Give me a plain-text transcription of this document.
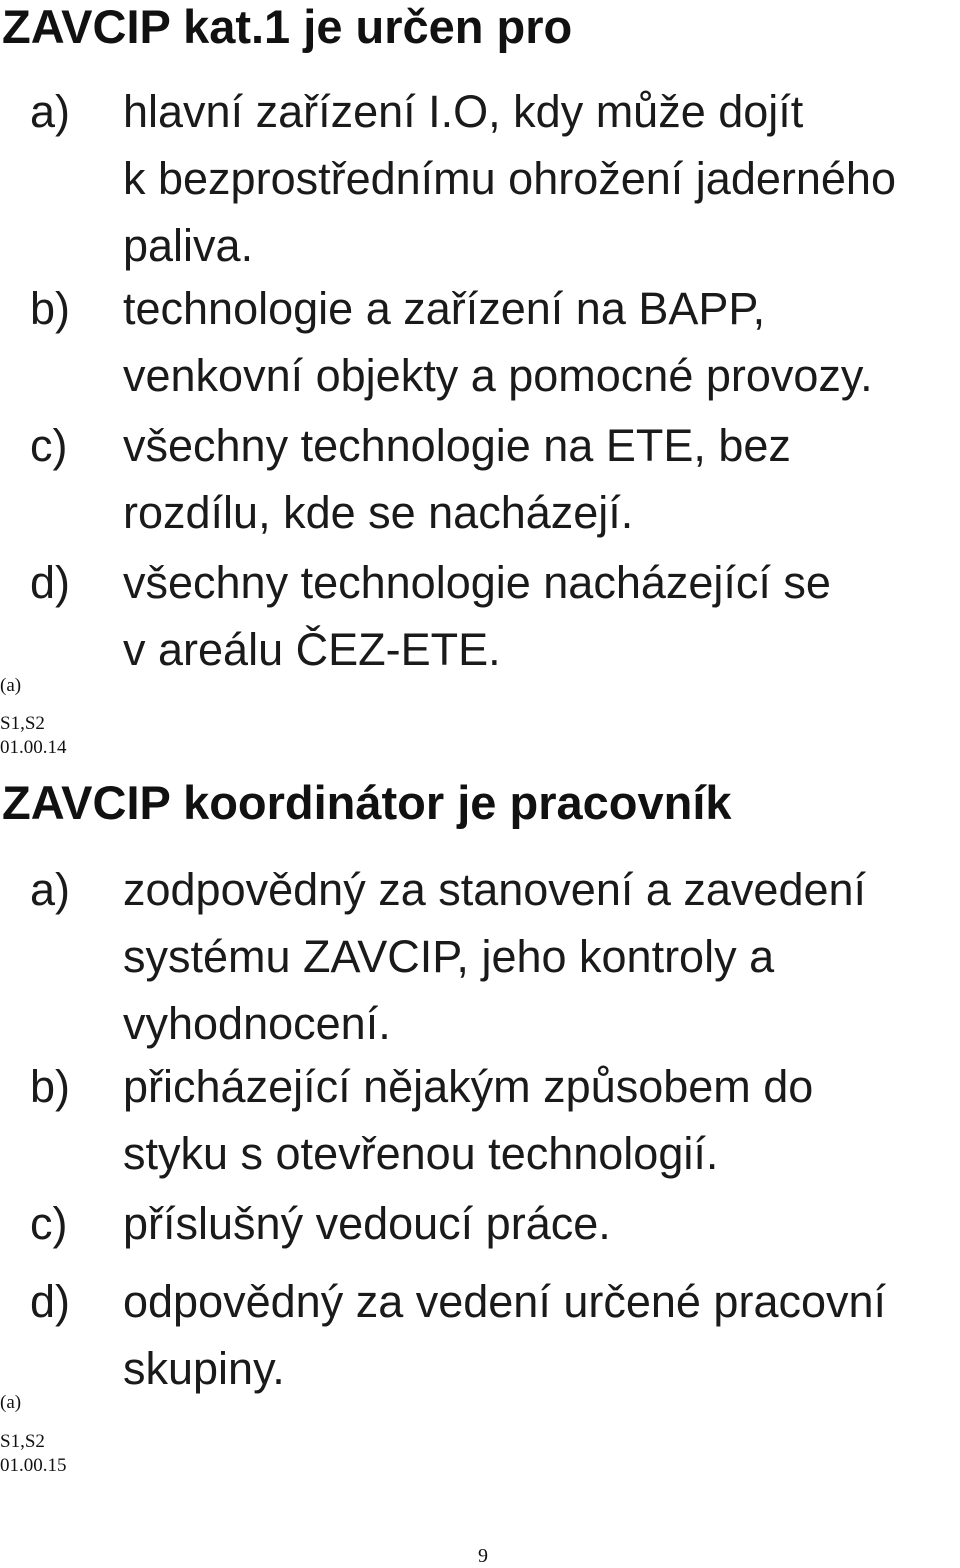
ZAVCIP kat.1 je určen pro
a) hlavní zařízení I.O, kdy může dojít
k bezprostřednímu ohrožení jaderného
paliva.
b) technologie a zařízení na BAPP,
venkovní objekty a pomocné provozy.
c) všechny technologie na ETE, bez
rozdílu, kde se nacházejí.
d) všechny technologie nacházející se
v areálu ČEZ-ETE.
(a)
S1,S2
01.00.14
ZAVCIP koordinátor je pracovník
a) zodpovědný za stanovení a zavedení
systému ZAVCIP, jeho kontroly a
vyhodnocení.
b) přicházející nějakým způsobem do
styku s otevřenou technologií.
c) příslušný vedoucí práce.
d) odpovědný za vedení určené pracovní
skupiny.
(a)
S1,S2
01.00.15
9
